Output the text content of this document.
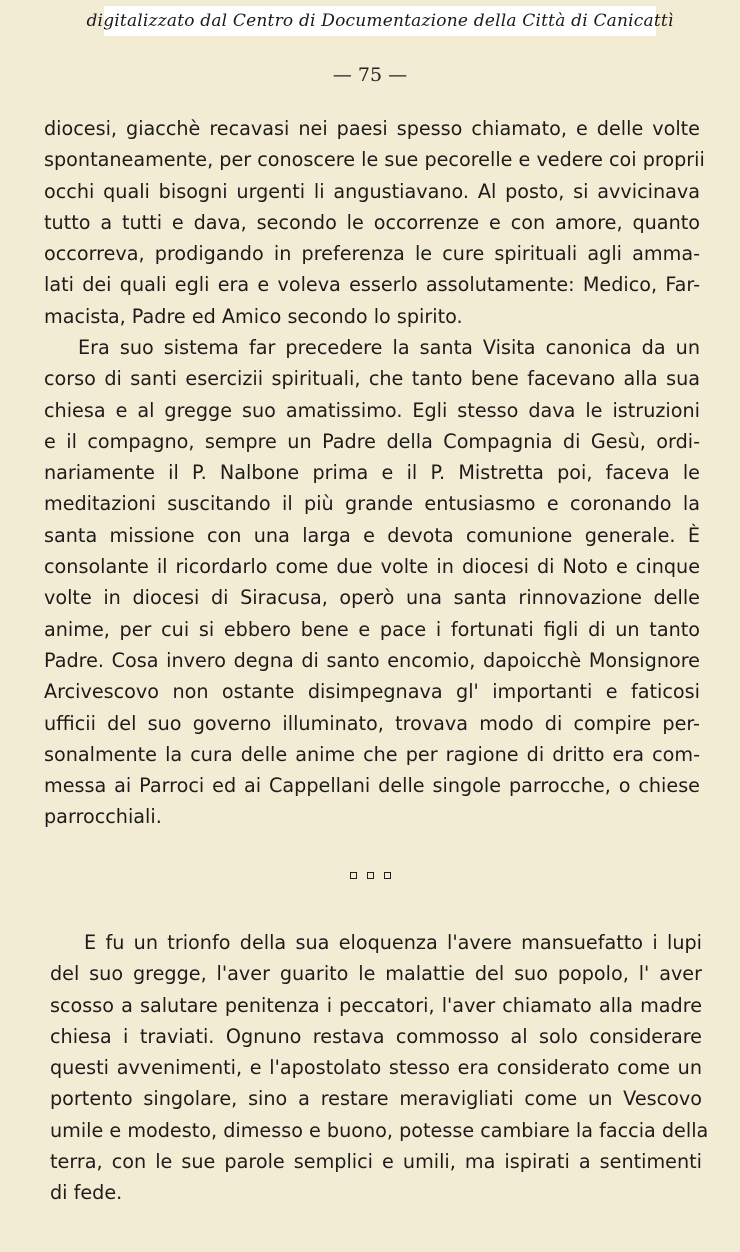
digitalizzato dal Centro di Documentazione della Città di Canicattì
— 75 —
diocesi, giacchè recavasi nei paesi spesso chiamato, e delle volte
spontaneamente, per conoscere le sue pecorelle e vedere coi proprii
occhi quali bisogni urgenti li angustiavano. Al posto, si avvicinava
tutto a tutti e dava, secondo le occorrenze e con amore, quanto
occorreva, prodigando in preferenza le cure spirituali agli amma-
lati dei quali egli era e voleva esserlo assolutamente: Medico, Far-
macista, Padre ed Amico secondo lo spirito.
Era suo sistema far precedere la santa Visita canonica da un
corso di santi esercizii spirituali, che tanto bene facevano alla sua
chiesa e al gregge suo amatissimo. Egli stesso dava le istruzioni
e il compagno, sempre un Padre della Compagnia di Gesù, ordi-
nariamente il P. Nalbone prima e il P. Mistretta poi, faceva le
meditazioni suscitando il più grande entusiasmo e coronando la
santa missione con una larga e devota comunione generale. È
consolante il ricordarlo come due volte in diocesi di Noto e cinque
volte in diocesi di Siracusa, operò una santa rinnovazione delle
anime, per cui si ebbero bene e pace i fortunati figli di un tanto
Padre. Cosa invero degna di santo encomio, dapoicchè Monsignore
Arcivescovo non ostante disimpegnava gl' importanti e faticosi
ufficii del suo governo illuminato, trovava modo di compire per-
sonalmente la cura delle anime che per ragione di dritto era com-
messa ai Parroci ed ai Cappellani delle singole parrocche, o chiese
parrocchiali.
E fu un trionfo della sua eloquenza l'avere mansuefatto i lupi
del suo gregge, l'aver guarito le malattie del suo popolo, l' aver
scosso a salutare penitenza i peccatori, l'aver chiamato alla madre
chiesa i traviati. Ognuno restava commosso al solo considerare
questi avvenimenti, e l'apostolato stesso era considerato come un
portento singolare, sino a restare meravigliati come un Vescovo
umile e modesto, dimesso e buono, potesse cambiare la faccia della
terra, con le sue parole semplici e umili, ma ispirati a sentimenti
di fede.
